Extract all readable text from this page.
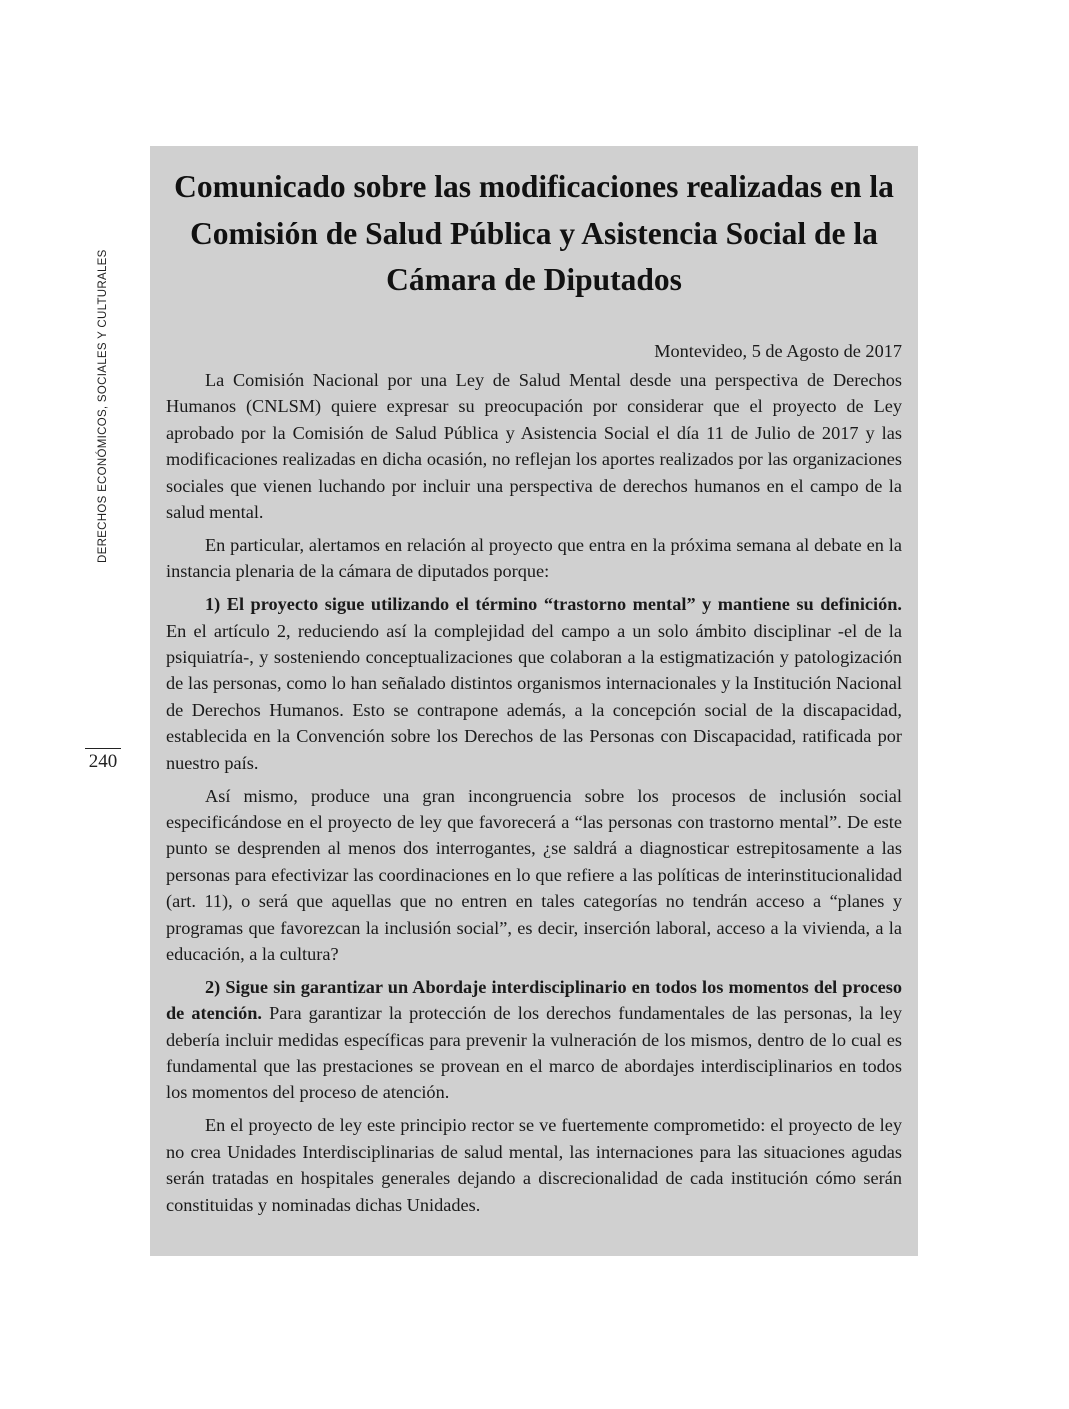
DERECHOS ECONÓMICOS, SOCIALES Y CULTURALES
240
Comunicado sobre las modificaciones realizadas en la Comisión de Salud Pública y Asistencia Social de la Cámara de Diputados
Montevideo, 5 de Agosto de 2017

La Comisión Nacional por una Ley de Salud Mental desde una perspectiva de Derechos Humanos (CNLSM) quiere expresar su preocupación por considerar que el proyecto de Ley aprobado por la Comisión de Salud Pública y Asistencia Social el día 11 de Julio de 2017 y las modificaciones realizadas en dicha ocasión, no reflejan los aportes realizados por las organizaciones sociales que vienen luchando por incluir una perspectiva de derechos humanos en el campo de la salud mental.

En particular, alertamos en relación al proyecto que entra en la próxima semana al debate en la instancia plenaria de la cámara de diputados porque:

1) El proyecto sigue utilizando el término “trastorno mental” y mantiene su definición. En el artículo 2, reduciendo así la complejidad del campo a un solo ámbito disciplinar -el de la psiquiatría-, y sosteniendo conceptualizaciones que colaboran a la estigmatización y patologización de las personas, como lo han señalado distintos organismos internacionales y la Institución Nacional de Derechos Humanos. Esto se contrapone además, a la concepción social de la discapacidad, establecida en la Convención sobre los Derechos de las Personas con Discapacidad, ratificada por nuestro país.

Así mismo, produce una gran incongruencia sobre los procesos de inclusión social especificándose en el proyecto de ley que favorecerá a “las personas con trastorno mental”. De este punto se desprenden al menos dos interrogantes, ¿se saldrá a diagnosticar estrepitosamente a las personas para efectivizar las coordinaciones en lo que refiere a las políticas de interinstitucionalidad (art. 11), o será que aquellas que no entren en tales categorías no tendrán acceso a “planes y programas que favorezcan la inclusión social”, es decir, inserción laboral, acceso a la vivienda, a la educación, a la cultura?

2) Sigue sin garantizar un Abordaje interdisciplinario en todos los momentos del proceso de atención. Para garantizar la protección de los derechos fundamentales de las personas, la ley debería incluir medidas específicas para prevenir la vulneración de los mismos, dentro de lo cual es fundamental que las prestaciones se provean en el marco de abordajes interdisciplinarios en todos los momentos del proceso de atención.

En el proyecto de ley este principio rector se ve fuertemente comprometido: el proyecto de ley no crea Unidades Interdisciplinarias de salud mental, las internaciones para las situaciones agudas serán tratadas en hospitales generales dejando a discrecionalidad de cada institución cómo serán constituidas y nominadas dichas Unidades.
